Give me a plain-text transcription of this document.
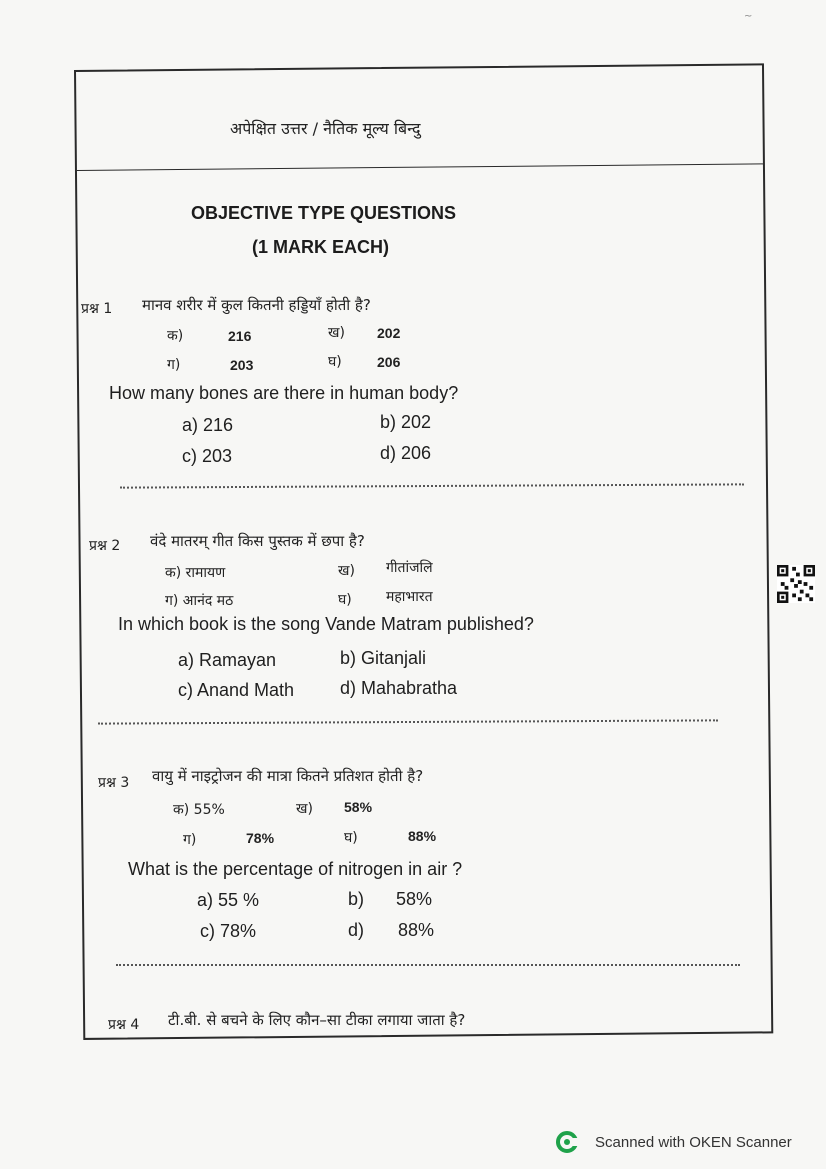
~
अपेक्षित उत्तर / नैतिक मूल्य बिन्दु
OBJECTIVE TYPE QUESTIONS
(1 MARK EACH)
प्रश्न 1 मानव शरीर में कुल कितनी हड्डियाँ होती है?
क)	216	ख) 202
ग)	203	घ)	206
How many bones are there in human body?
a) 216	b) 202
c) 203	d) 206
प्रश्न 2 वंदे मातरम् गीत किस पुस्तक में छपा है?
क) रामायण	ख) गीतांजलि
ग) आनंद मठ	घ) महाभारत
In which book is the song Vande Matram published?
a) Ramayan	b) Gitanjali
c) Anand Math	d) Mahabratha
प्रश्न 3 वायु में नाइट्रोजन की मात्रा कितने प्रतिशत होती है?
क) 55%	ख) 58%
ग)	78%	घ)	88%
What is the percentage of nitrogen in air ?
a) 55 %	b) 58%
c) 78%	d) 88%
प्रश्न 4 टी.बी. से बचने के लिए कौन–सा टीका लगाया जाता है?
Scanned with OKEN Scanner
